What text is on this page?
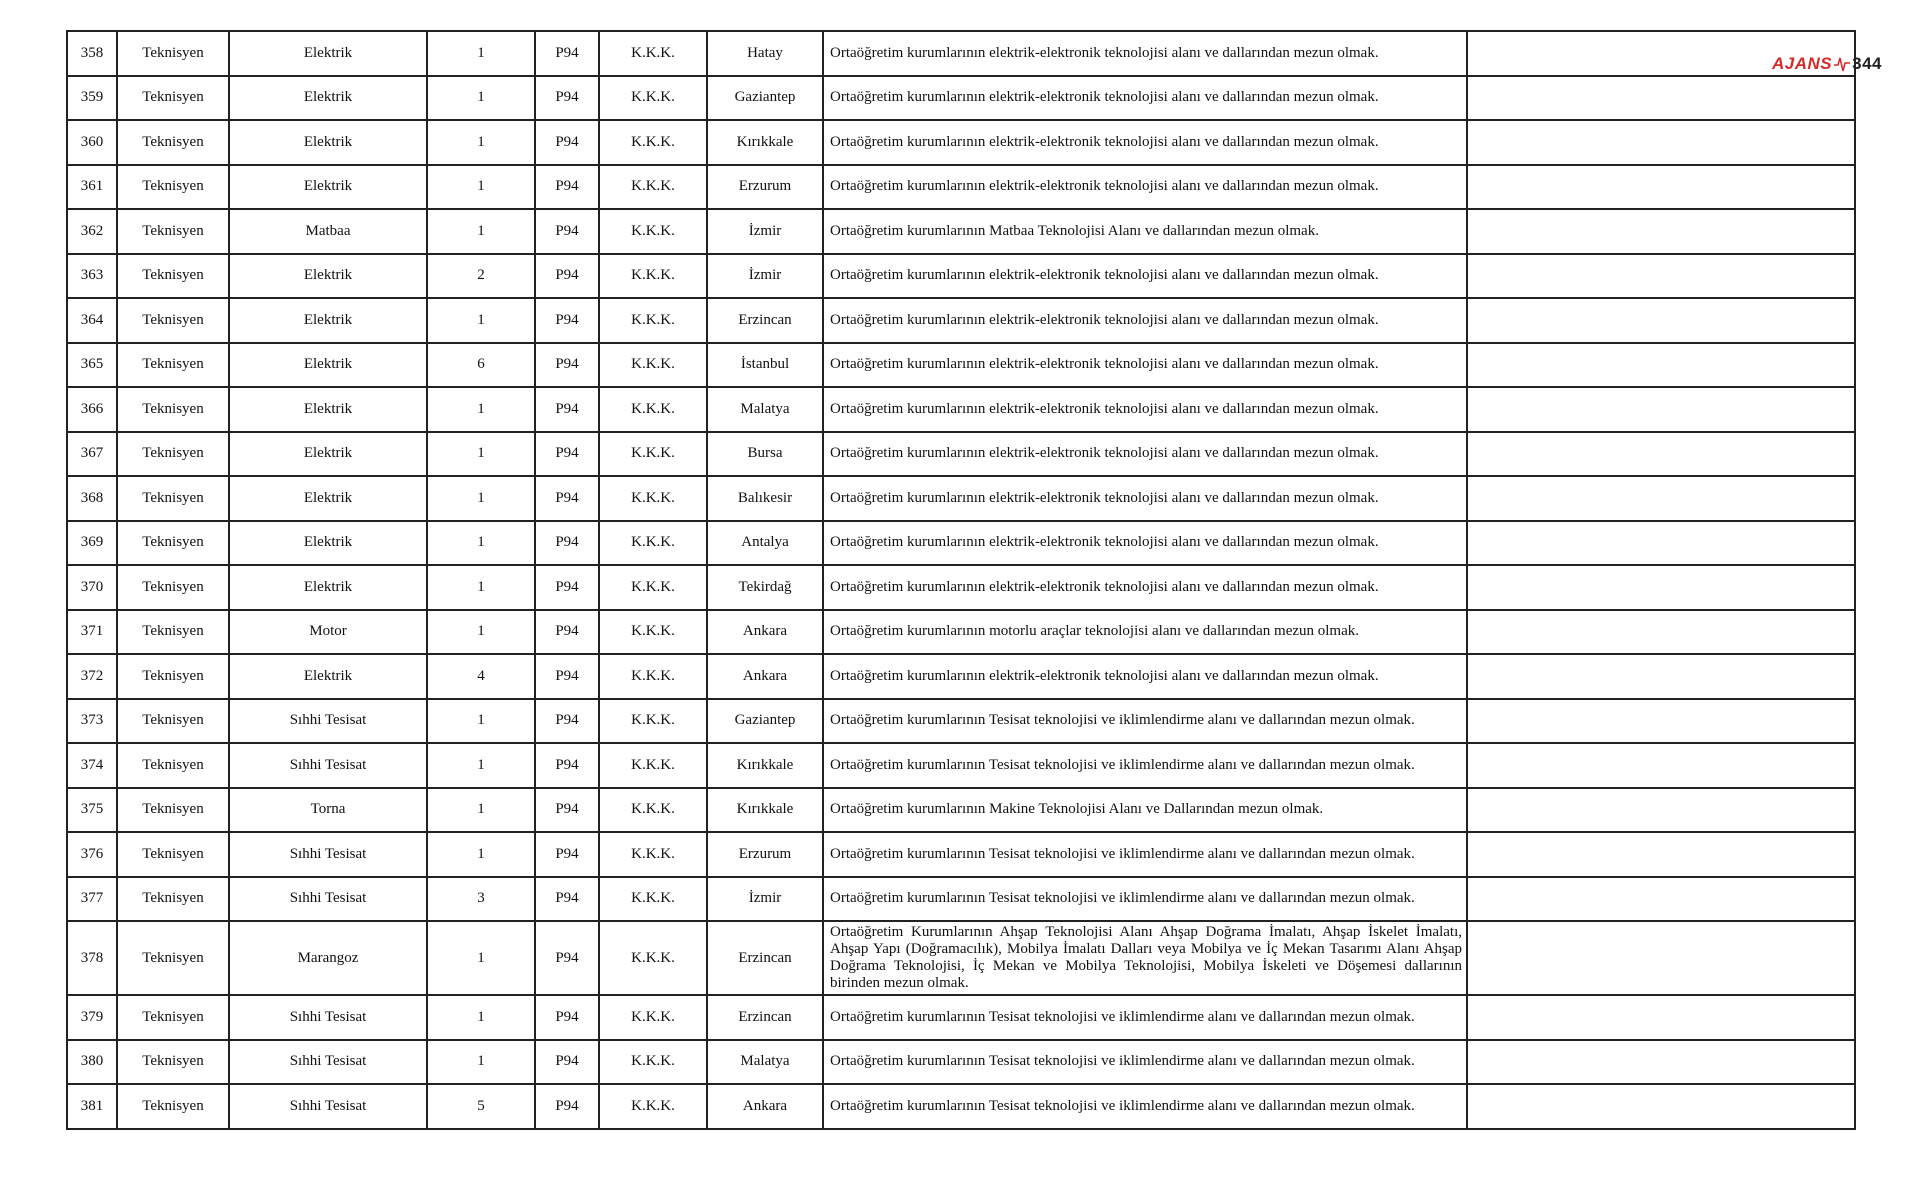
358	Teknisyen	Elektrik	1	P94	K.K.K.	Hatay	Ortaöğretim kurumlarının elektrik-elektronik teknolojisi alanı ve dallarından mezun olmak.	
359	Teknisyen	Elektrik	1	P94	K.K.K.	Gaziantep	Ortaöğretim kurumlarının elektrik-elektronik teknolojisi alanı ve dallarından mezun olmak.	
360	Teknisyen	Elektrik	1	P94	K.K.K.	Kırıkkale	Ortaöğretim kurumlarının elektrik-elektronik teknolojisi alanı ve dallarından mezun olmak.	
361	Teknisyen	Elektrik	1	P94	K.K.K.	Erzurum	Ortaöğretim kurumlarının elektrik-elektronik teknolojisi alanı ve dallarından mezun olmak.	
362	Teknisyen	Matbaa	1	P94	K.K.K.	İzmir	Ortaöğretim kurumlarının Matbaa Teknolojisi Alanı ve dallarından mezun olmak.	
363	Teknisyen	Elektrik	2	P94	K.K.K.	İzmir	Ortaöğretim kurumlarının elektrik-elektronik teknolojisi alanı ve dallarından mezun olmak.	
364	Teknisyen	Elektrik	1	P94	K.K.K.	Erzincan	Ortaöğretim kurumlarının elektrik-elektronik teknolojisi alanı ve dallarından mezun olmak.	
365	Teknisyen	Elektrik	6	P94	K.K.K.	İstanbul	Ortaöğretim kurumlarının elektrik-elektronik teknolojisi alanı ve dallarından mezun olmak.	
366	Teknisyen	Elektrik	1	P94	K.K.K.	Malatya	Ortaöğretim kurumlarının elektrik-elektronik teknolojisi alanı ve dallarından mezun olmak.	
367	Teknisyen	Elektrik	1	P94	K.K.K.	Bursa	Ortaöğretim kurumlarının elektrik-elektronik teknolojisi alanı ve dallarından mezun olmak.	
368	Teknisyen	Elektrik	1	P94	K.K.K.	Balıkesir	Ortaöğretim kurumlarının elektrik-elektronik teknolojisi alanı ve dallarından mezun olmak.	
369	Teknisyen	Elektrik	1	P94	K.K.K.	Antalya	Ortaöğretim kurumlarının elektrik-elektronik teknolojisi alanı ve dallarından mezun olmak.	
370	Teknisyen	Elektrik	1	P94	K.K.K.	Tekirdağ	Ortaöğretim kurumlarının elektrik-elektronik teknolojisi alanı ve dallarından mezun olmak.	
371	Teknisyen	Motor	1	P94	K.K.K.	Ankara	Ortaöğretim kurumlarının motorlu araçlar teknolojisi alanı ve dallarından mezun olmak.	
372	Teknisyen	Elektrik	4	P94	K.K.K.	Ankara	Ortaöğretim kurumlarının elektrik-elektronik teknolojisi alanı ve dallarından mezun olmak.	
373	Teknisyen	Sıhhi Tesisat	1	P94	K.K.K.	Gaziantep	Ortaöğretim kurumlarının Tesisat teknolojisi ve iklimlendirme alanı ve dallarından mezun olmak.	
374	Teknisyen	Sıhhi Tesisat	1	P94	K.K.K.	Kırıkkale	Ortaöğretim kurumlarının Tesisat teknolojisi ve iklimlendirme alanı ve dallarından mezun olmak.	
375	Teknisyen	Torna	1	P94	K.K.K.	Kırıkkale	Ortaöğretim kurumlarının Makine Teknolojisi Alanı ve Dallarından mezun olmak.	
376	Teknisyen	Sıhhi Tesisat	1	P94	K.K.K.	Erzurum	Ortaöğretim kurumlarının Tesisat teknolojisi ve iklimlendirme alanı ve dallarından mezun olmak.	
377	Teknisyen	Sıhhi Tesisat	3	P94	K.K.K.	İzmir	Ortaöğretim kurumlarının Tesisat teknolojisi ve iklimlendirme alanı ve dallarından mezun olmak.	
378	Teknisyen	Marangoz	1	P94	K.K.K.	Erzincan	Ortaöğretim Kurumlarının Ahşap Teknolojisi Alanı Ahşap Doğrama İmalatı, Ahşap İskelet İmalatı, Ahşap Yapı (Doğramacılık), Mobilya İmalatı Dalları veya Mobilya ve İç Mekan Tasarımı Alanı Ahşap Doğrama Teknolojisi, İç Mekan ve Mobilya Teknolojisi, Mobilya İskeleti ve Döşemesi dallarının birinden mezun olmak.	
379	Teknisyen	Sıhhi Tesisat	1	P94	K.K.K.	Erzincan	Ortaöğretim kurumlarının Tesisat teknolojisi ve iklimlendirme alanı ve dallarından mezun olmak.	
380	Teknisyen	Sıhhi Tesisat	1	P94	K.K.K.	Malatya	Ortaöğretim kurumlarının Tesisat teknolojisi ve iklimlendirme alanı ve dallarından mezun olmak.	
381	Teknisyen	Sıhhi Tesisat	5	P94	K.K.K.	Ankara	Ortaöğretim kurumlarının Tesisat teknolojisi ve iklimlendirme alanı ve dallarından mezun olmak.	
AJANS 344
